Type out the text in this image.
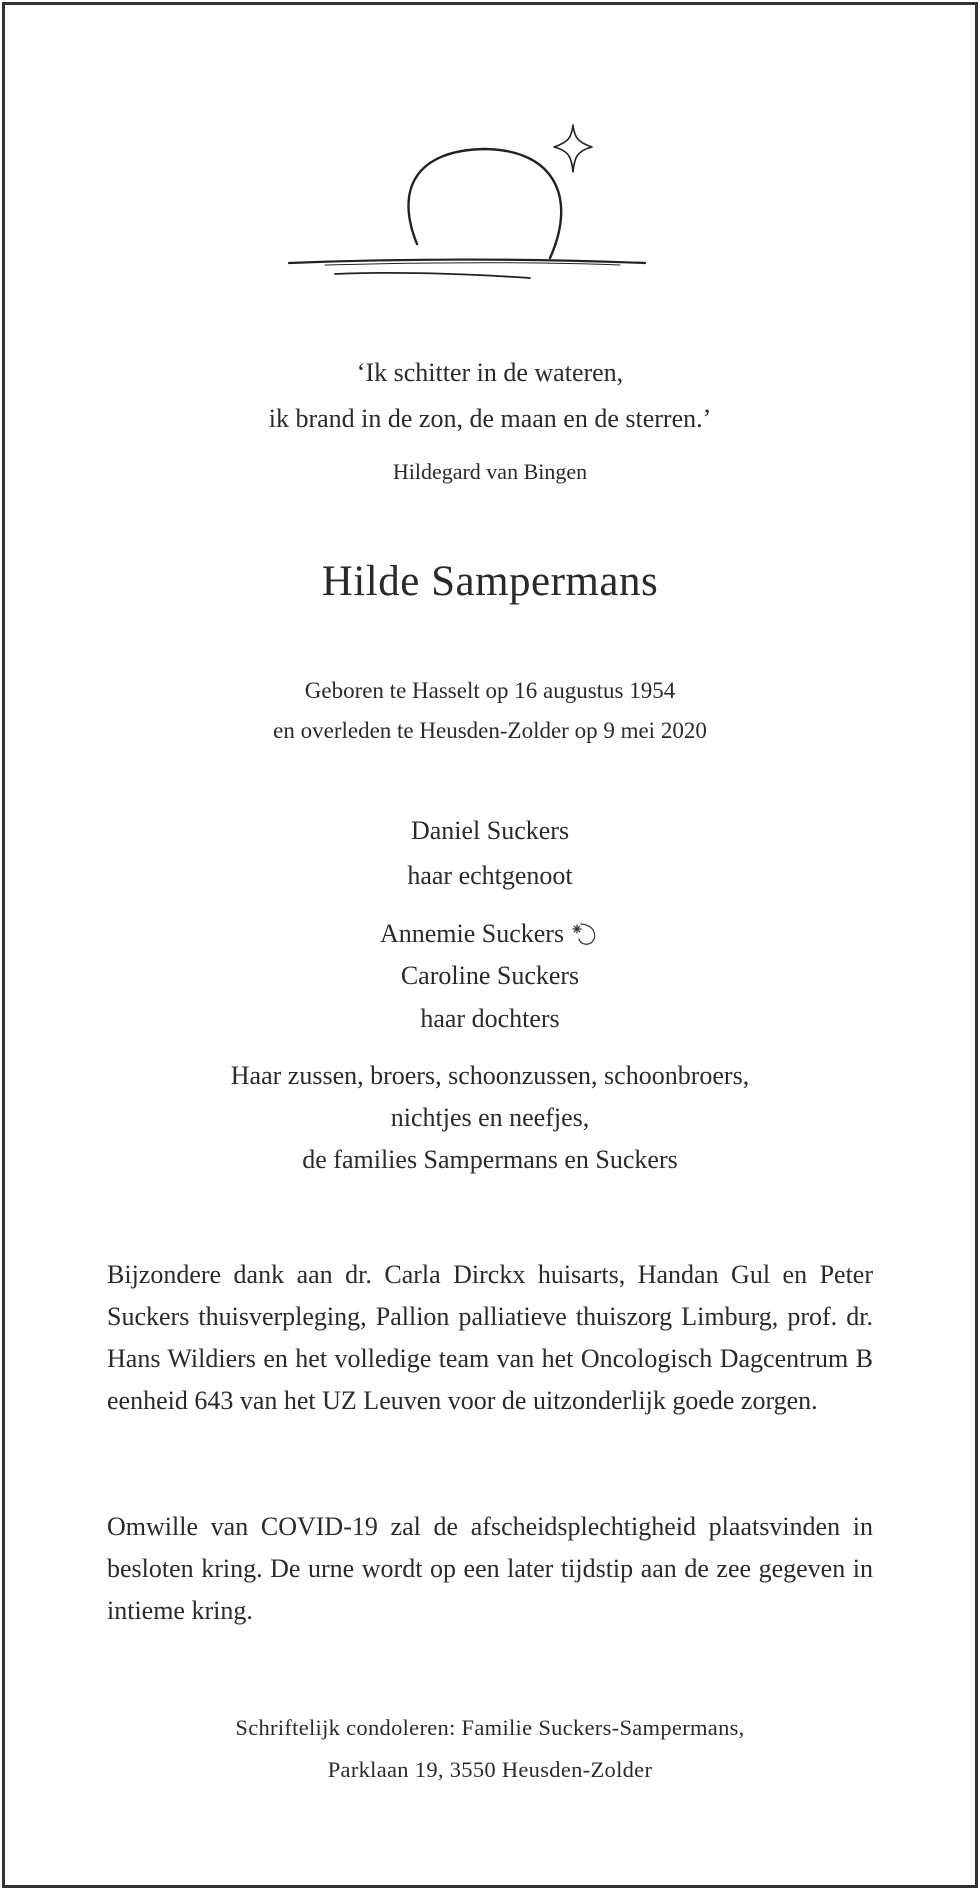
‘Ik schitter in de wateren,
ik brand in de zon, de maan en de sterren.’
Hildegard van Bingen
Hilde Sampermans
Geboren te Hasselt op 16 augustus 1954
en overleden te Heusden-Zolder op 9 mei 2020
Daniel Suckers
haar echtgenoot
Annemie Suckers
Caroline Suckers
haar dochters
Haar zussen, broers, schoonzussen, schoonbroers,
nichtjes en neefjes,
de families Sampermans en Suckers
Bijzondere dank aan dr. Carla Dirckx huisarts, Handan Gul en Peter Suckers thuisverpleging, Pallion palliatieve thuiszorg Limburg, prof. dr. Hans Wildiers en het volledige team van het Oncologisch Dagcentrum B eenheid 643 van het UZ Leuven voor de uitzonderlijk goede zorgen.
Omwille van COVID-19 zal de afscheidsplechtigheid plaatsvinden in besloten kring. De urne wordt op een later tijdstip aan de zee gegeven in intieme kring.
Schriftelijk condoleren: Familie Suckers-Sampermans,
Parklaan 19, 3550 Heusden-Zolder
